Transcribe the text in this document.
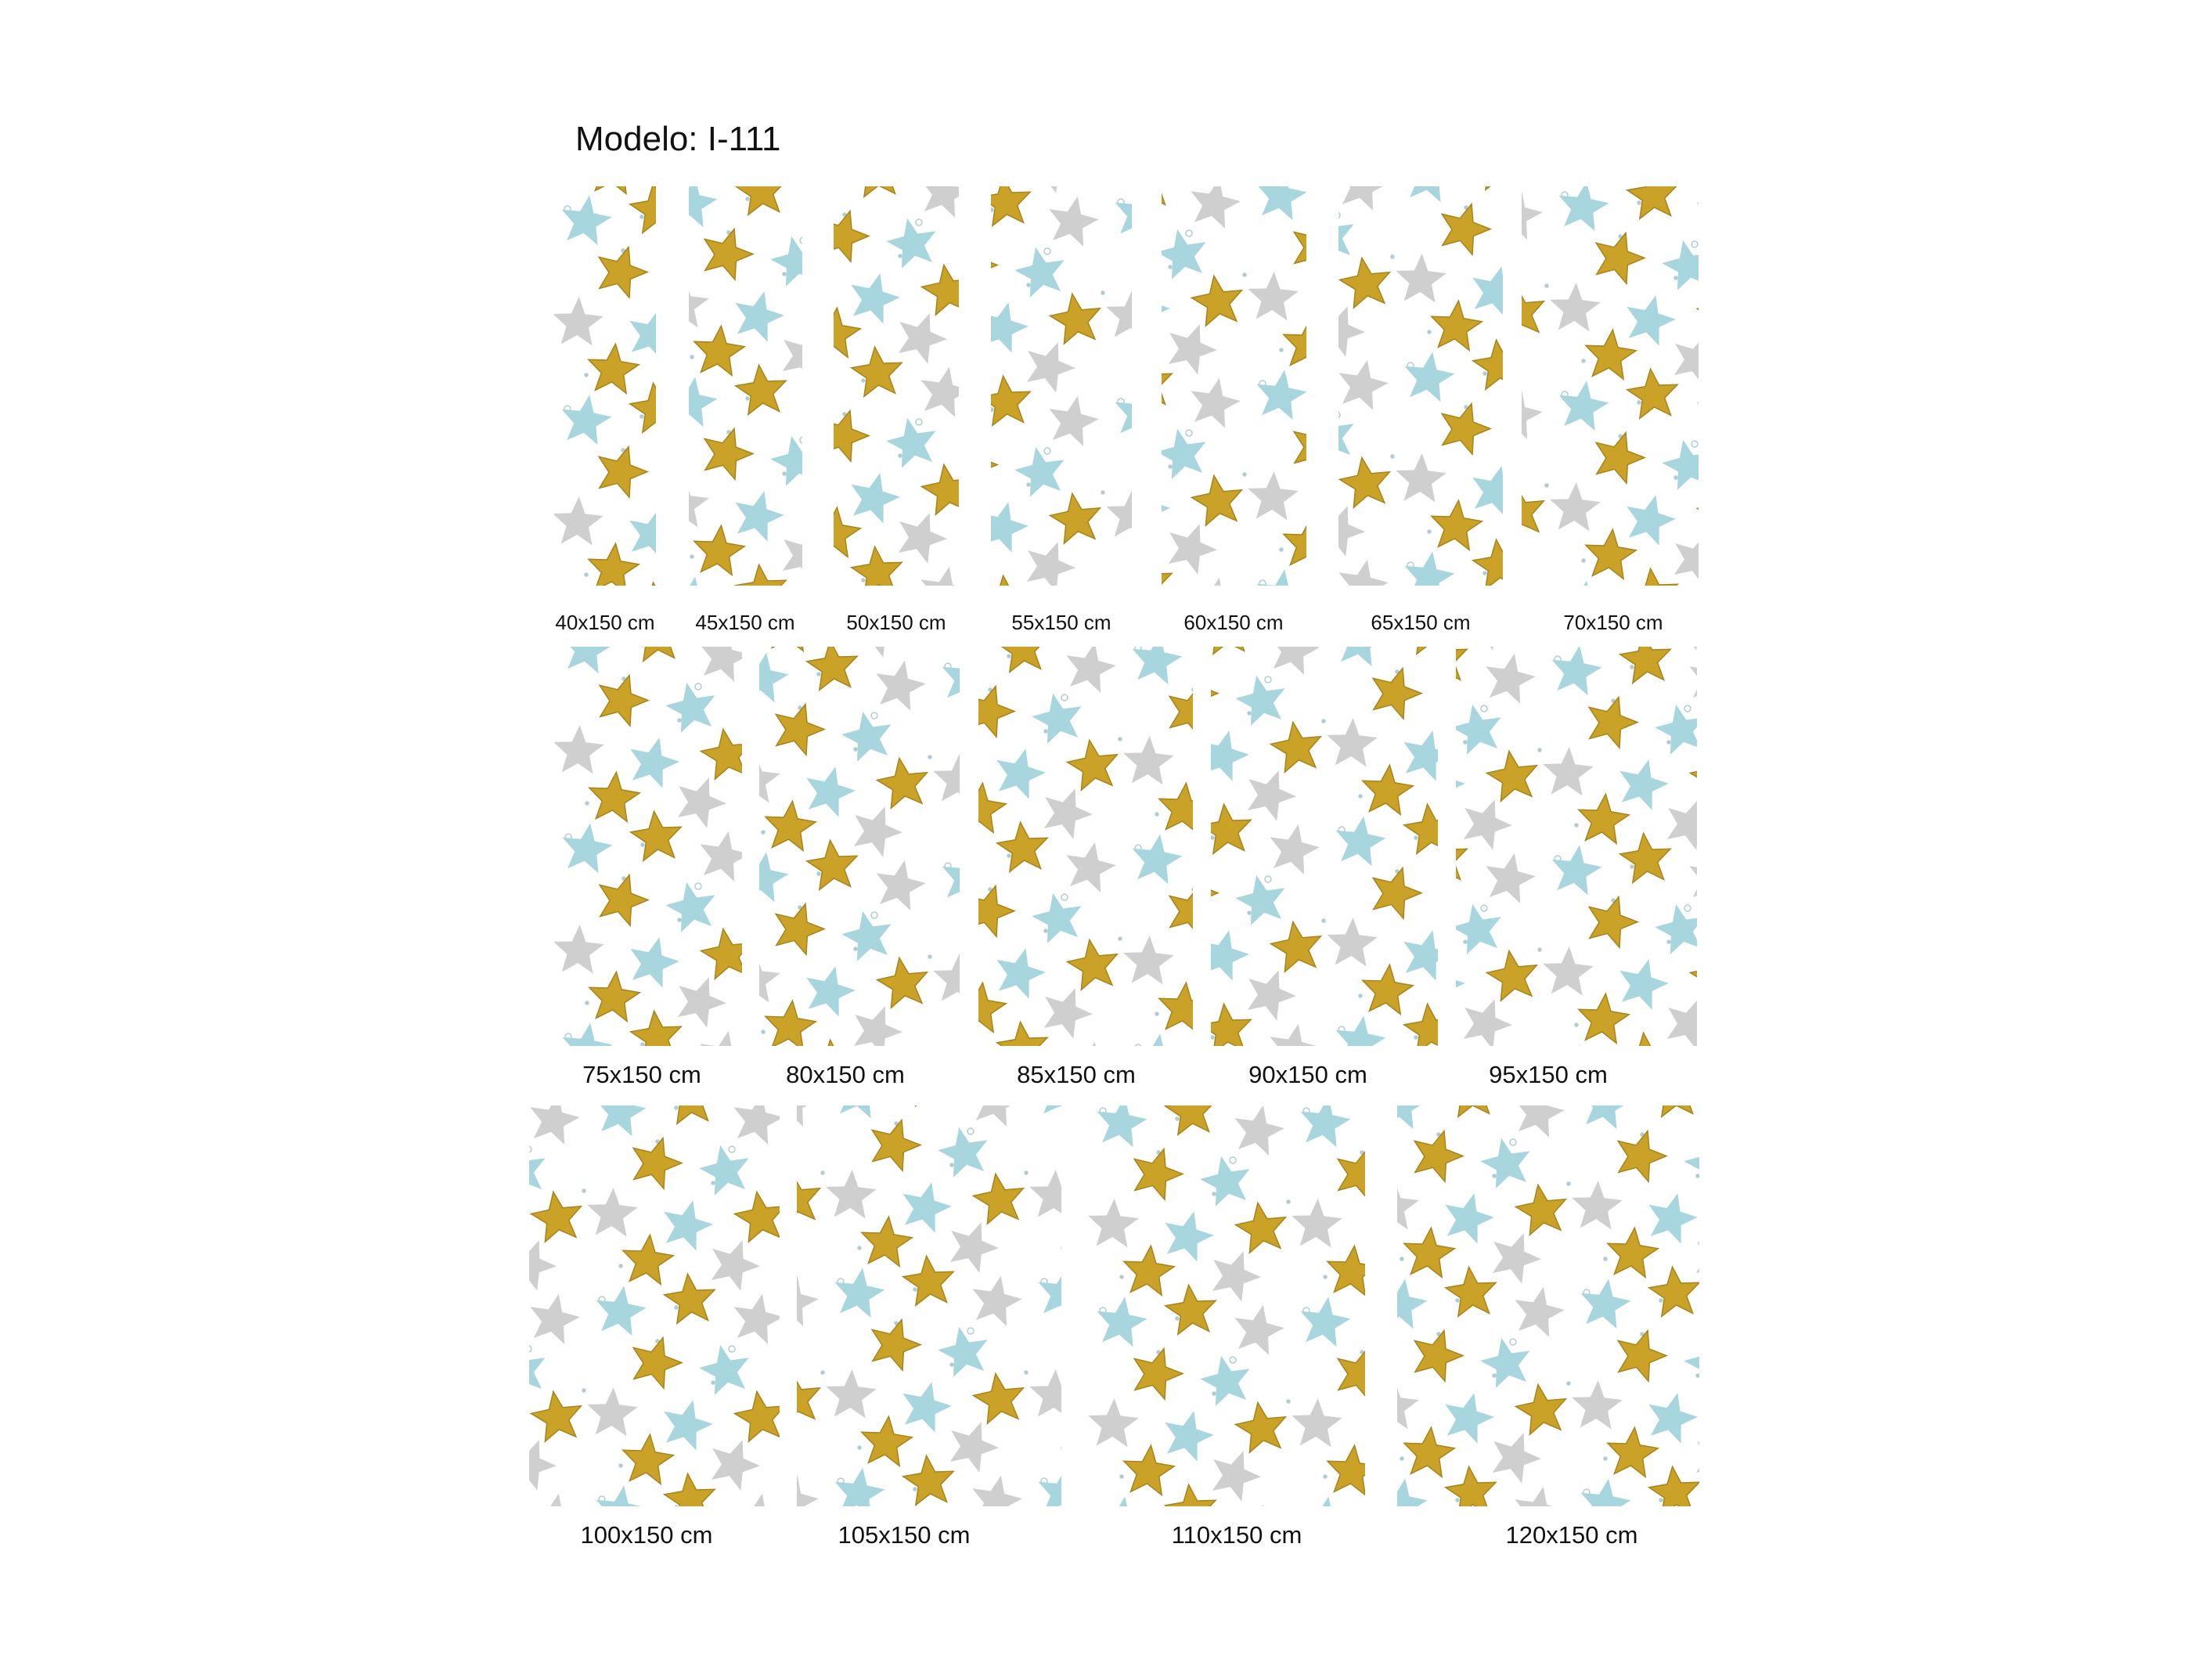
Modelo: I-111
40x150 cm	45x150 cm	50x150 cm	55x150 cm	60x150 cm	65x150 cm	70x150 cm
75x150 cm	80x150 cm	85x150 cm	90x150 cm	95x150 cm
100x150 cm	105x150 cm	110x150 cm	120x150 cm
